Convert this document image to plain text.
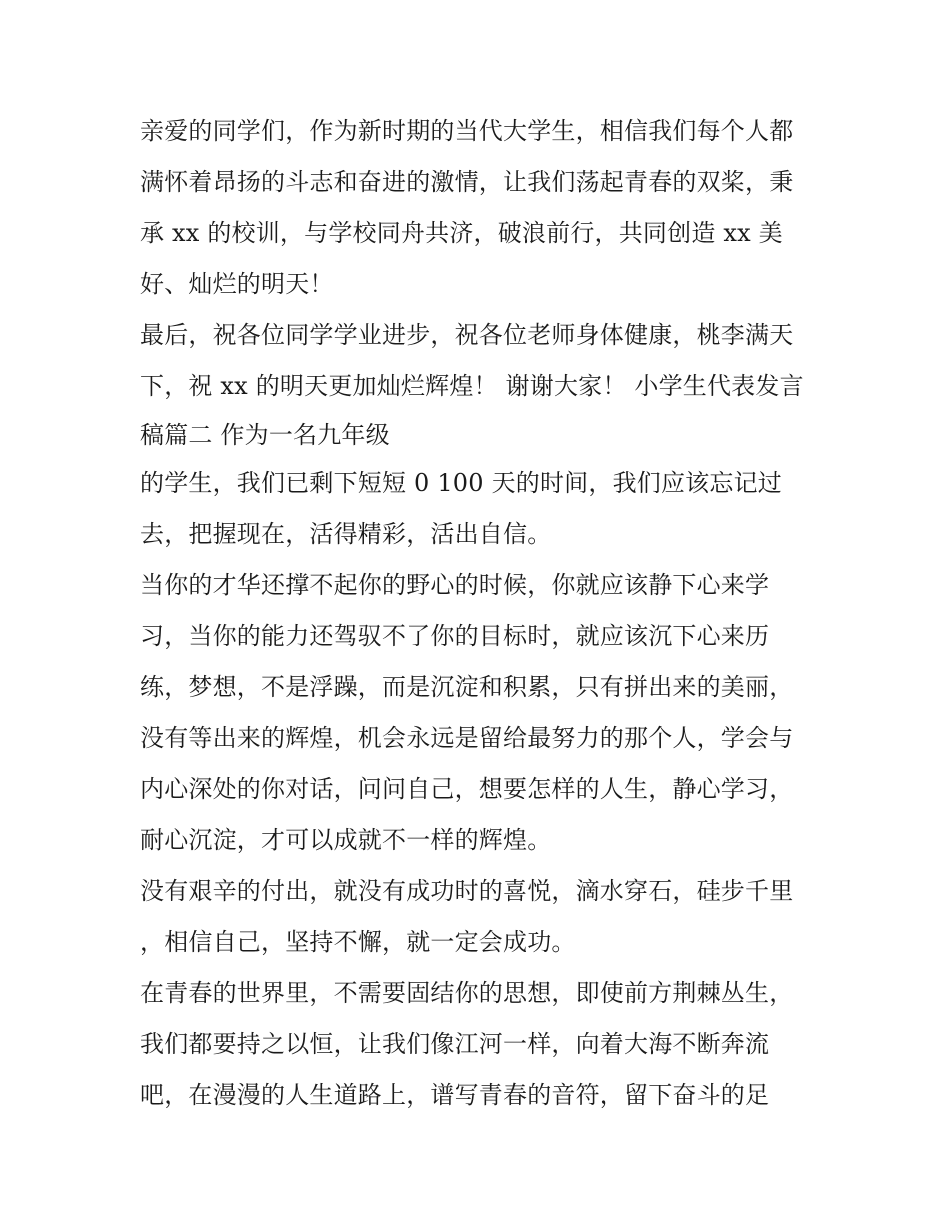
亲爱的同学们，作为新时期的当代大学生，相信我们每个人都
满怀着昂扬的斗志和奋进的激情，让我们荡起青春的双桨，秉
承 xx 的校训，与学校同舟共济，破浪前行，共同创造 xx 美
好、灿烂的明天！
最后，祝各位同学学业进步，祝各位老师身体健康，桃李满天
下，祝 xx 的明天更加灿烂辉煌！ 谢谢大家！ 小学生代表发言
稿篇二 作为一名九年级
的学生，我们已剩下短短 0 100 天的时间，我们应该忘记过
去，把握现在，活得精彩，活出自信。
当你的才华还撑不起你的野心的时候，你就应该静下心来学
习，当你的能力还驾驭不了你的目标时，就应该沉下心来历
练，梦想，不是浮躁，而是沉淀和积累，只有拼出来的美丽，
没有等出来的辉煌，机会永远是留给最努力的那个人，学会与
内心深处的你对话，问问自己，想要怎样的人生，静心学习，
耐心沉淀，才可以成就不一样的辉煌。
没有艰辛的付出，就没有成功时的喜悦，滴水穿石，硅步千里
，相信自己，坚持不懈，就一定会成功。
在青春的世界里，不需要固结你的思想，即使前方荆棘丛生，
我们都要持之以恒，让我们像江河一样，向着大海不断奔流
吧，在漫漫的人生道路上，谱写青春的音符，留下奋斗的足
